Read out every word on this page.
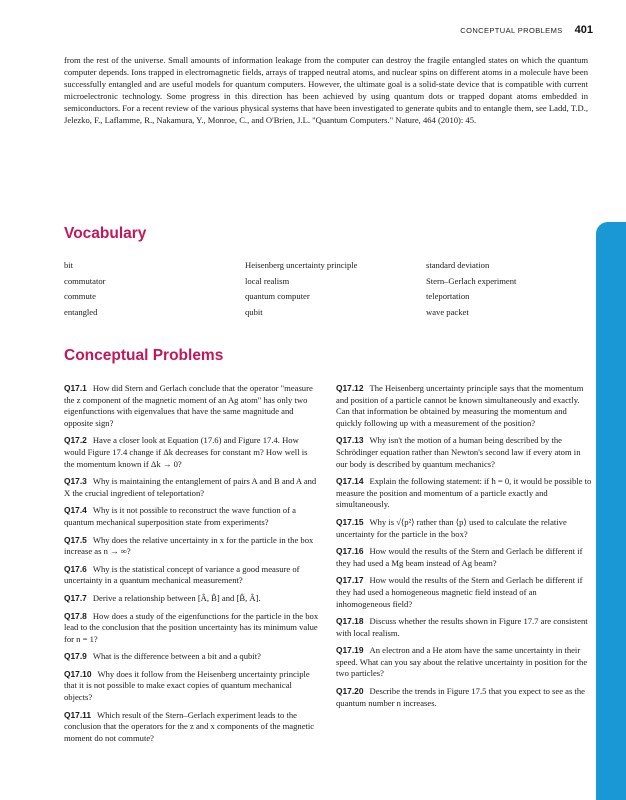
CONCEPTUAL PROBLEMS 401

from the rest of the universe. Small amounts of information leakage from the computer can destroy the fragile entangled states on which the quantum computer depends. Ions trapped in electromagnetic fields, arrays of trapped neutral atoms, and nuclear spins on different atoms in a molecule have been successfully entangled and are useful models for quantum computers. However, the ultimate goal is a solid-state device that is compatible with current microelectronic technology. Some progress in this direction has been achieved by using quantum dots or trapped dopant atoms embedded in semiconductors. For a recent review of the various physical systems that have been investigated to generate qubits and to entangle them, see Ladd, T.D., Jelezko, F., Laflamme, R., Nakamura, Y., Monroe, C., and O'Brien, J.L. "Quantum Computers." Nature, 464 (2010): 45.

Vocabulary
bit	Heisenberg uncertainty principle	standard deviation
commutator	local realism	Stern–Gerlach experiment
commute	quantum computer	teleportation
entangled	qubit	wave packet
Conceptual Problems

Q17.1 How did Stern and Gerlach conclude that the operator "measure the z component of the magnetic moment of an Ag atom" has only two eigenfunctions with eigenvalues that have the same magnitude and opposite sign?

Q17.2 Have a closer look at Equation (17.6) and Figure 17.4. How would Figure 17.4 change if Δk decreases for constant m? How well is the momentum known if Δk → 0?

Q17.3 Why is maintaining the entanglement of pairs A and B and A and X the crucial ingredient of teleportation?

Q17.4 Why is it not possible to reconstruct the wave function of a quantum mechanical superposition state from experiments?

Q17.5 Why does the relative uncertainty in x for the particle in the box increase as n → ∞?

Q17.6 Why is the statistical concept of variance a good measure of uncertainty in a quantum mechanical measurement?

Q17.7 Derive a relationship between [Â, B̂] and [B̂, Â].

Q17.8 How does a study of the eigenfunctions for the particle in the box lead to the conclusion that the position uncertainty has its minimum value for n = 1?

Q17.9 What is the difference between a bit and a qubit?

Q17.10 Why does it follow from the Heisenberg uncertainty principle that it is not possible to make exact copies of quantum mechanical objects?

Q17.11 Which result of the Stern–Gerlach experiment leads to the conclusion that the operators for the z and x components of the magnetic moment do not commute?

Q17.12 The Heisenberg uncertainty principle says that the momentum and position of a particle cannot be known simultaneously and exactly. Can that information be obtained by measuring the momentum and quickly following up with a measurement of the position?

Q17.13 Why isn't the motion of a human being described by the Schrödinger equation rather than Newton's second law if every atom in our body is described by quantum mechanics?

Q17.14 Explain the following statement: if ħ = 0, it would be possible to measure the position and momentum of a particle exactly and simultaneously.

Q17.15 Why is √⟨p²⟩ rather than ⟨p⟩ used to calculate the relative uncertainty for the particle in the box?

Q17.16 How would the results of the Stern and Gerlach be different if they had used a Mg beam instead of Ag beam?

Q17.17 How would the results of the Stern and Gerlach be different if they had used a homogeneous magnetic field instead of an inhomogeneous field?

Q17.18 Discuss whether the results shown in Figure 17.7 are consistent with local realism.

Q17.19 An electron and a He atom have the same uncertainty in their speed. What can you say about the relative uncertainty in position for the two particles?

Q17.20 Describe the trends in Figure 17.5 that you expect to see as the quantum number n increases.
